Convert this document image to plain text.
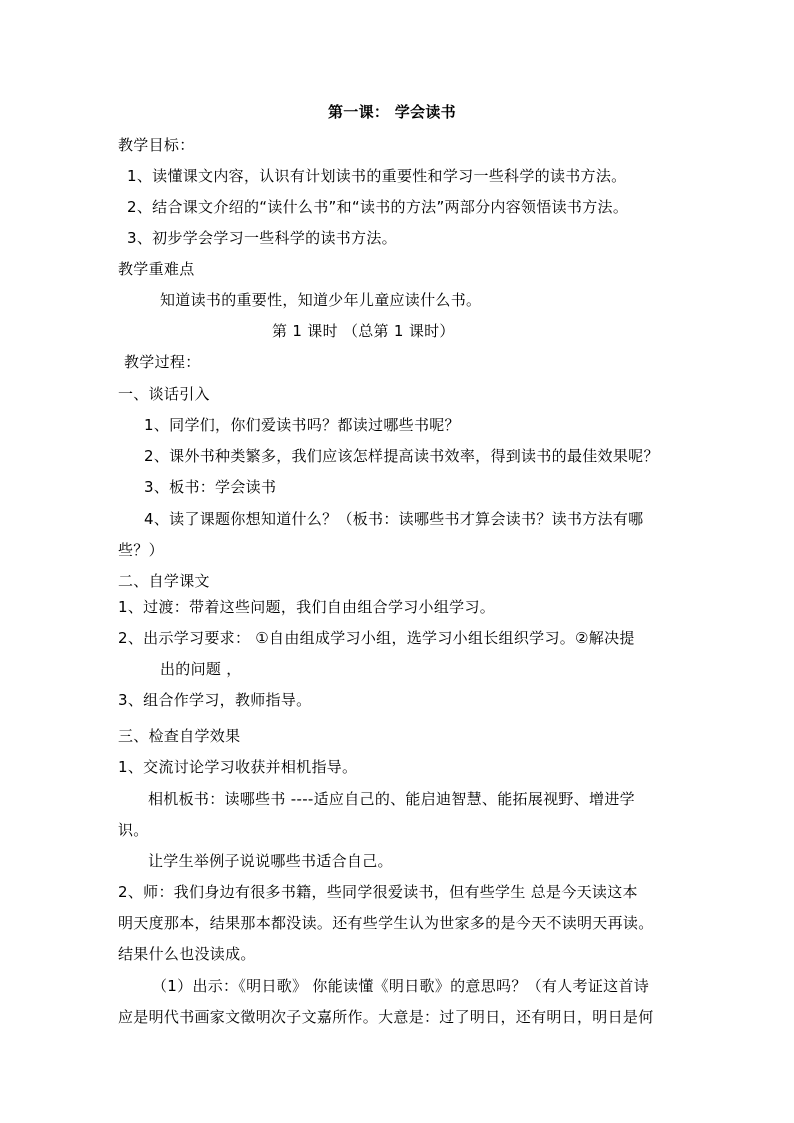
第一课： 学会读书
教学目标：
1、读懂课文内容，认识有计划读书的重要性和学习一些科学的读书方法。
2、结合课文介绍的“读什么书”和“读书的方法”两部分内容领悟读书方法。
3、初步学会学习一些科学的读书方法。
教学重难点
知道读书的重要性，知道少年儿童应读什么书。
第 1 课时 （总第 1 课时）
教学过程：
一、谈话引入
1、同学们，你们爱读书吗？都读过哪些书呢？
2、课外书种类繁多，我们应该怎样提高读书效率，得到读书的最佳效果呢？
3、板书：学会读书
4、读了课题你想知道什么？（板书：读哪些书才算会读书？读书方法有哪
些？）
二、自学课文
1、过渡：带着这些问题，我们自由组合学习小组学习。
2、出示学习要求： ①自由组成学习小组，选学习小组长组织学习。②解决提
出的问题 ，
3、组合作学习，教师指导。
三、检查自学效果
1、交流讨论学习收获并相机指导。
相机板书：读哪些书 ----适应自己的、能启迪智慧、能拓展视野、增进学
识。
让学生举例子说说哪些书适合自己。
2、师：我们身边有很多书籍，些同学很爱读书，但有些学生 总是今天读这本
明天度那本，结果那本都没读。还有些学生认为世家多的是今天不读明天再读。
结果什么也没读成。
（1）出示：《明日歌》 你能读懂《明日歌》的意思吗？（有人考证这首诗
应是明代书画家文徵明次子文嘉所作。大意是：过了明日，还有明日，明日是何
